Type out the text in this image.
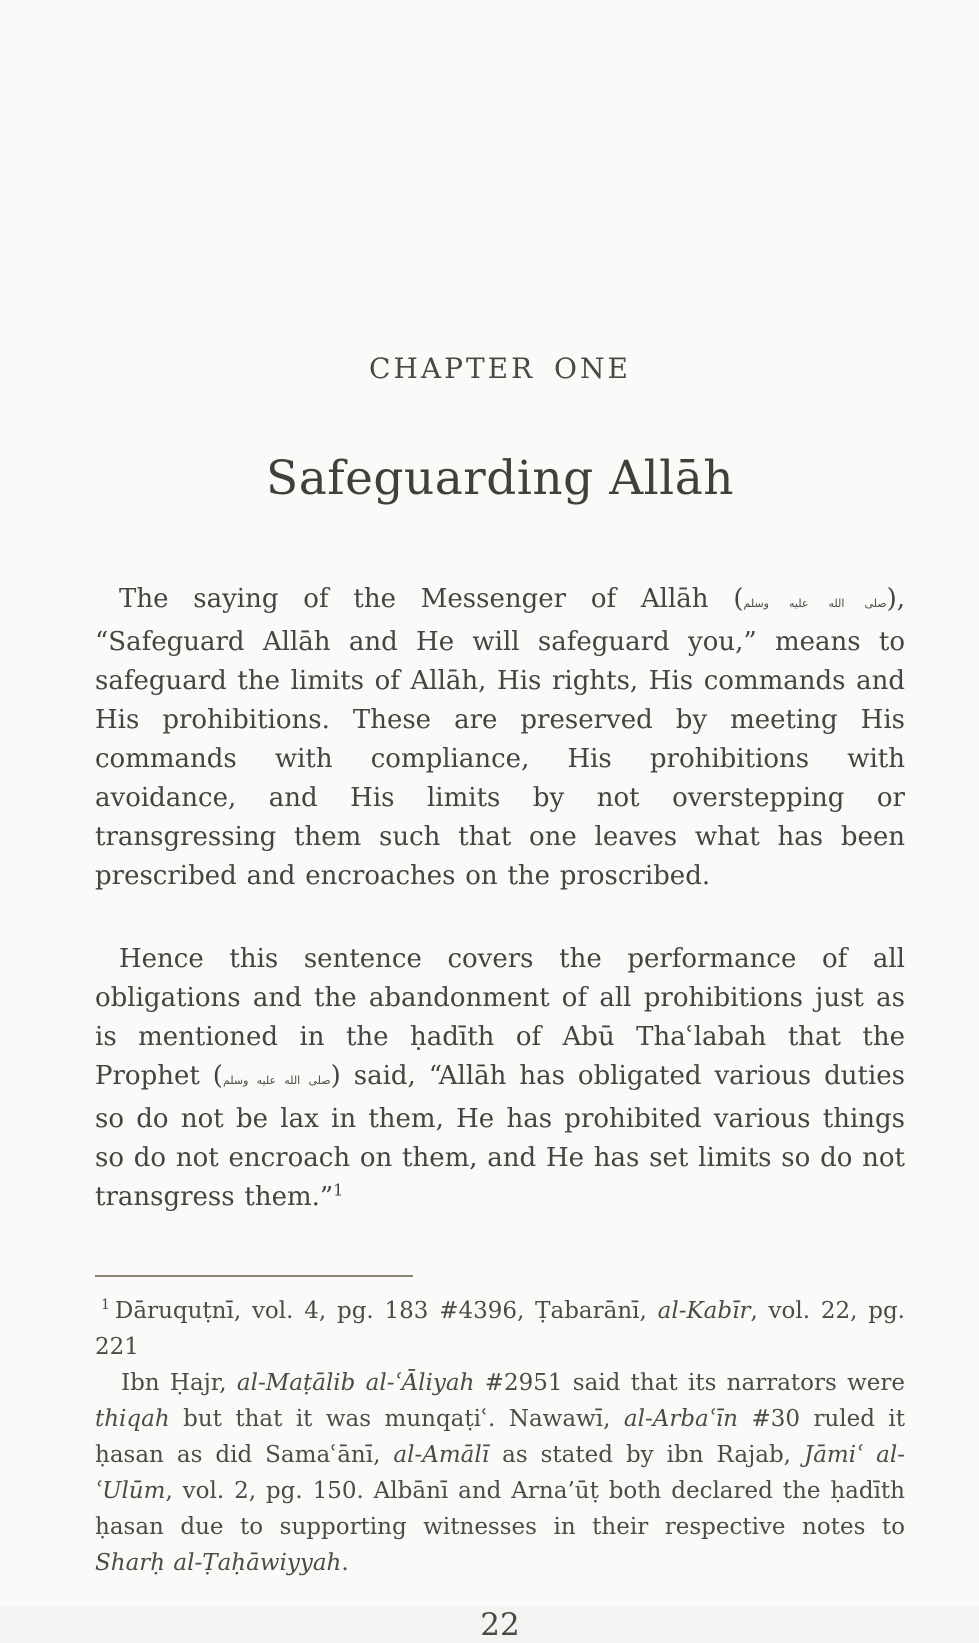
CHAPTER ONE
Safeguarding Allāh

The saying of the Messenger of Allāh (صلى الله عليه وسلم), “Safeguard Allāh and He will safeguard you,” means to safeguard the limits of Allāh, His rights, His commands and His prohibitions. These are preserved by meeting His commands with compliance, His prohibitions with avoidance, and His limits by not overstepping or transgressing them such that one leaves what has been prescribed and encroaches on the proscribed.

Hence this sentence covers the performance of all obligations and the abandonment of all prohibitions just as is mentioned in the ḥadīth of Abū Thaʿlabah that the Prophet (صلى الله عليه وسلم) said, “Allāh has obligated various duties so do not be lax in them, He has prohibited various things so do not encroach on them, and He has set limits so do not transgress them.”$^1$

$^1$ Dāruquṭnī, vol. 4, pg. 183 #4396, Ṭabarānī, al-Kabīr, vol. 22, pg. 221

Ibn Ḥajr, al-Maṭālib al-ʿĀliyah #2951 said that its narrators were thiqah but that it was munqaṭiʿ. Nawawī, al-Arbaʿīn #30 ruled it ḥasan as did Samaʿānī, al-Amālī as stated by ibn Rajab, Jāmiʿ al-ʿUlūm, vol. 2, pg. 150. Albānī and Arna’ūṭ both declared the ḥadīth ḥasan due to supporting witnesses in their respective notes to Sharḥ al-Ṭaḥāwiyyah.

22
